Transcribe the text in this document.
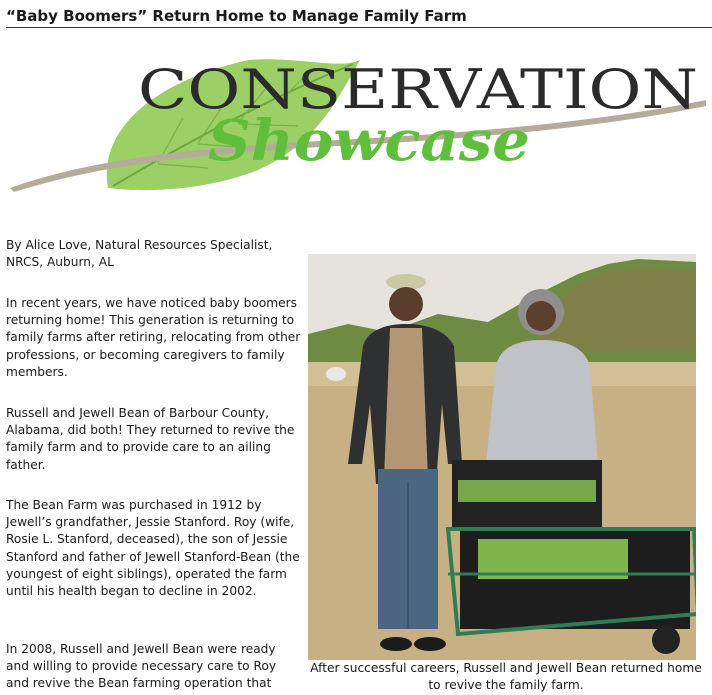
“Baby Boomers” Return Home to Manage Family Farm
CONSERVATION
Showcase
By Alice Love, Natural Resources Specialist, NRCS, Auburn, AL
In recent years, we have noticed baby boomers returning home! This generation is returning to family farms after retiring, relocating from other professions, or becoming caregivers to family members.
Russell and Jewell Bean of Barbour County, Alabama, did both! They returned to revive the family farm and to provide care to an ailing father.
The Bean Farm was purchased in 1912 by Jewell’s grandfather, Jessie Stanford. Roy (wife, Rosie L. Stanford, deceased), the son of Jessie Stanford and father of Jewell Stanford-Bean (the youngest of eight siblings), operated the farm until his health began to decline in 2002.
In 2008, Russell and Jewell Bean were ready and willing to provide necessary care to Roy and revive the Bean farming operation that
After successful careers, Russell and Jewell Bean returned home to revive the family farm.
